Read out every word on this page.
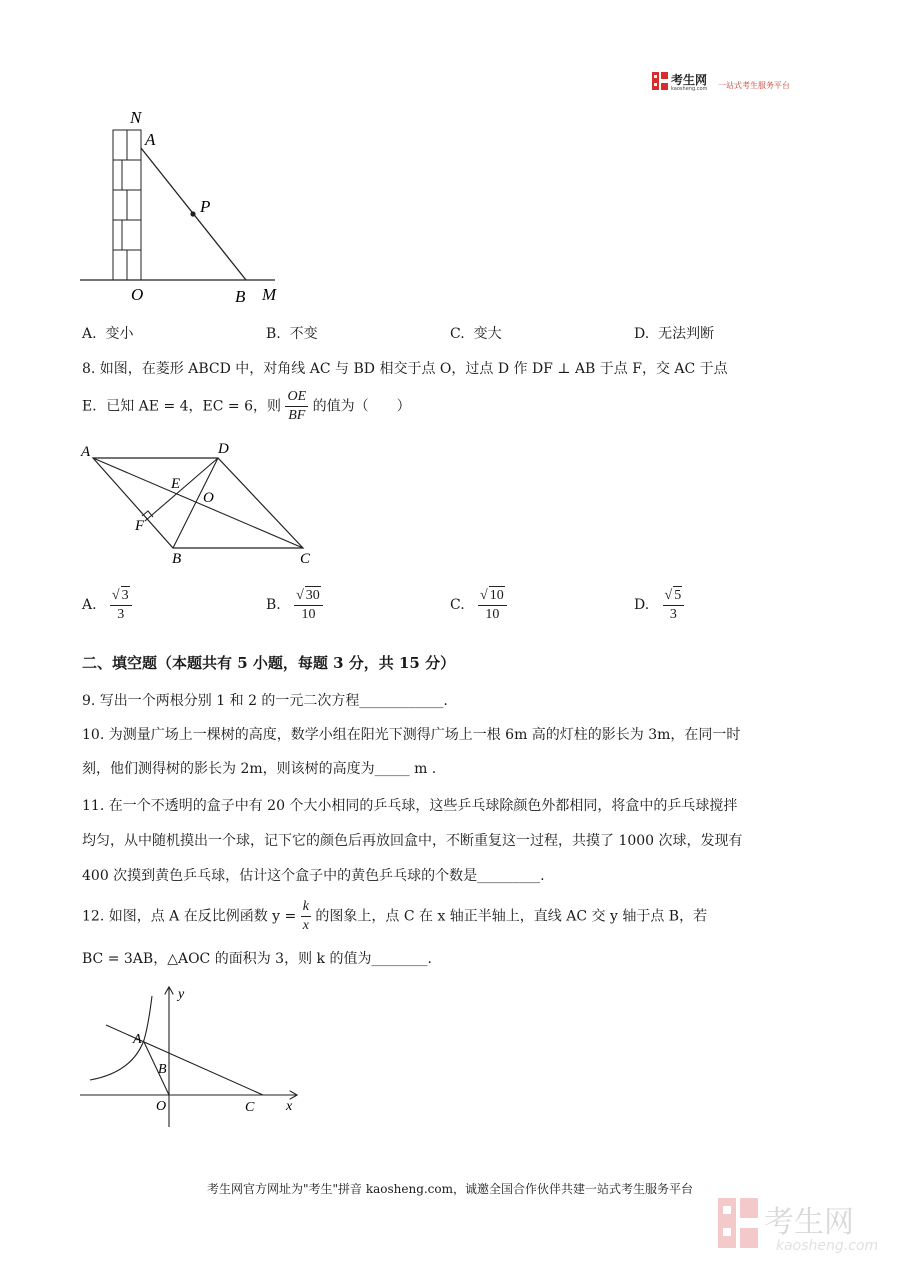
考生网
kaosheng.com 一站式考生服务平台
N
A
P
O	B M
A. 变小	B. 不变	C. 变大	D. 无法判断
8. 如图，在菱形 ABCD 中，对角线 AC 与 BD 相交于点 O，过点 D 作 DF ⊥ AB 于点 F，交 AC 于点
E．已知 AE = 4，EC = 6，则 $\frac{OE}{BF}$ 的值为（　　）
A	D
E
O
F
B	C
A. $\frac{√ 3}{3}$	B. $\frac{√ 30}{10}$	C. $\frac{√ 10}{10}$	D. $\frac{√ 5}{3}$
二、填空题（本题共有 5 小题，每题 3 分，共 15 分）
9. 写出一个两根分别 1 和 2 的一元二次方程____________.
10. 为测量广场上一棵树的高度，数学小组在阳光下测得广场上一根 6m 高的灯柱的影长为 3m，在同一时
刻，他们测得树的影长为 2m，则该树的高度为_____ m .
11. 在一个不透明的盒子中有 20 个大小相同的乒乓球，这些乒乓球除颜色外都相同，将盒中的乒乓球搅拌
均匀，从中随机摸出一个球，记下它的颜色后再放回盒中，不断重复这一过程，共摸了 1000 次球，发现有
400 次摸到黄色乒乓球，估计这个盒子中的黄色乒乓球的个数是_________.
12. 如图，点 A 在反比例函数 $y = \frac{k}{x}$ 的图象上，点 C 在 x 轴正半轴上，直线 AC 交 y 轴于点 B，若
BC = 3AB，△AOC 的面积为 3，则 k 的值为________.
y
A
B
O	C x
考生网官方网址为"考生"拼音 kaosheng.com，诚邀全国合作伙伴共建一站式考生服务平台
考生网
kaosheng.com
